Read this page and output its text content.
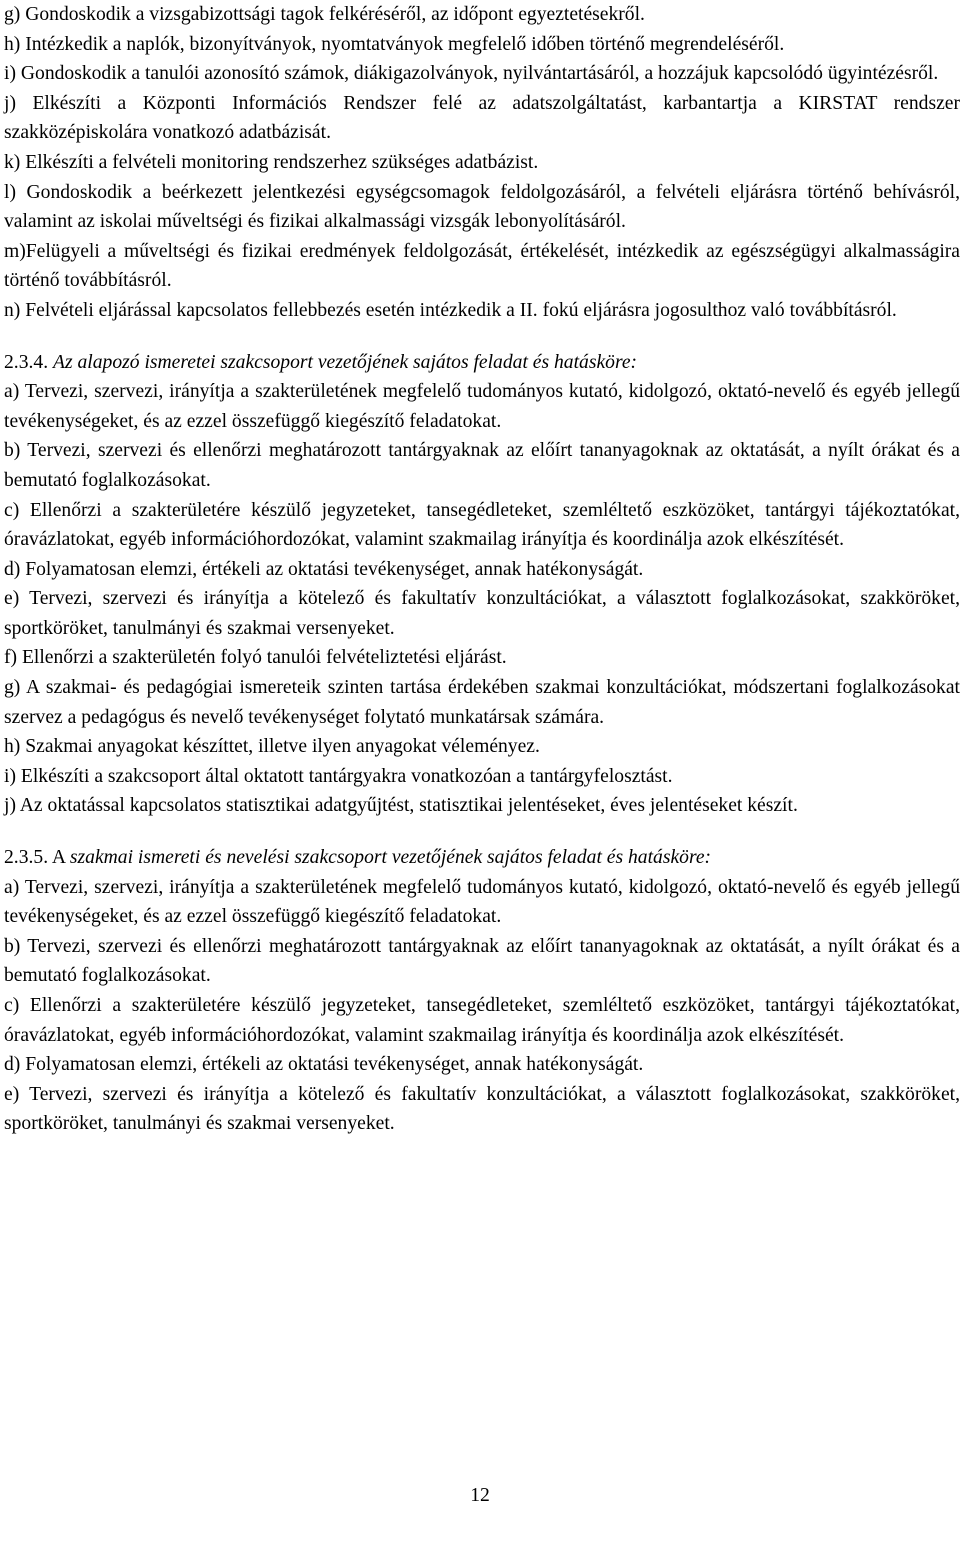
g) Gondoskodik a vizsgabizottsági tagok felkéréséről, az időpont egyeztetésekről.

h) Intézkedik a naplók, bizonyítványok, nyomtatványok megfelelő időben történő megrendeléséről.

i) Gondoskodik a tanulói azonosító számok, diákigazolványok, nyilvántartásáról, a hozzájuk kapcsolódó ügyintézésről.

j) Elkészíti a Központi Információs Rendszer felé az adatszolgáltatást, karbantartja a KIRSTAT rendszer szakközépiskolára vonatkozó adatbázisát.

k) Elkészíti a felvételi monitoring rendszerhez szükséges adatbázist.

l) Gondoskodik a beérkezett jelentkezési egységcsomagok feldolgozásáról, a felvételi eljárásra történő behívásról, valamint az iskolai műveltségi és fizikai alkalmassági vizsgák lebonyolításáról.

m)Felügyeli a műveltségi és fizikai eredmények feldolgozását, értékelését, intézkedik az egészségügyi alkalmasságira történő továbbításról.

n) Felvételi eljárással kapcsolatos fellebbezés esetén intézkedik a II. fokú eljárásra jogosulthoz való továbbításról.

2.3.4. Az alapozó ismeretei szakcsoport vezetőjének sajátos feladat és hatásköre:

a) Tervezi, szervezi, irányítja a szakterületének megfelelő tudományos kutató, kidolgozó, oktató-nevelő és egyéb jellegű tevékenységeket, és az ezzel összefüggő kiegészítő feladatokat.

b) Tervezi, szervezi és ellenőrzi meghatározott tantárgyaknak az előírt tananyagoknak az oktatását, a nyílt órákat és a bemutató foglalkozásokat.

c) Ellenőrzi a szakterületére készülő jegyzeteket, tansegédleteket, szemléltető eszközöket, tantárgyi tájékoztatókat, óravázlatokat, egyéb információhordozókat, valamint szakmailag irányítja és koordinálja azok elkészítését.

d) Folyamatosan elemzi, értékeli az oktatási tevékenységet, annak hatékonyságát.

e) Tervezi, szervezi és irányítja a kötelező és fakultatív konzultációkat, a választott foglalkozásokat, szakköröket, sportköröket, tanulmányi és szakmai versenyeket.

f) Ellenőrzi a szakterületén folyó tanulói felvételiztetési eljárást.

g) A szakmai- és pedagógiai ismereteik szinten tartása érdekében szakmai konzultációkat, módszertani foglalkozásokat szervez a pedagógus és nevelő tevékenységet folytató munkatársak számára.

h) Szakmai anyagokat készíttet, illetve ilyen anyagokat véleményez.

i) Elkészíti a szakcsoport által oktatott tantárgyakra vonatkozóan a tantárgyfelosztást.

j) Az oktatással kapcsolatos statisztikai adatgyűjtést, statisztikai jelentéseket, éves jelentéseket készít.

2.3.5. A szakmai ismereti és nevelési szakcsoport vezetőjének sajátos feladat és hatásköre:

a) Tervezi, szervezi, irányítja a szakterületének megfelelő tudományos kutató, kidolgozó, oktató-nevelő és egyéb jellegű tevékenységeket, és az ezzel összefüggő kiegészítő feladatokat.

b) Tervezi, szervezi és ellenőrzi meghatározott tantárgyaknak az előírt tananyagoknak az oktatását, a nyílt órákat és a bemutató foglalkozásokat.

c) Ellenőrzi a szakterületére készülő jegyzeteket, tansegédleteket, szemléltető eszközöket, tantárgyi tájékoztatókat, óravázlatokat, egyéb információhordozókat, valamint szakmailag irányítja és koordinálja azok elkészítését.

d) Folyamatosan elemzi, értékeli az oktatási tevékenységet, annak hatékonyságát.

e) Tervezi, szervezi és irányítja a kötelező és fakultatív konzultációkat, a választott foglalkozásokat, szakköröket, sportköröket, tanulmányi és szakmai versenyeket.

12
